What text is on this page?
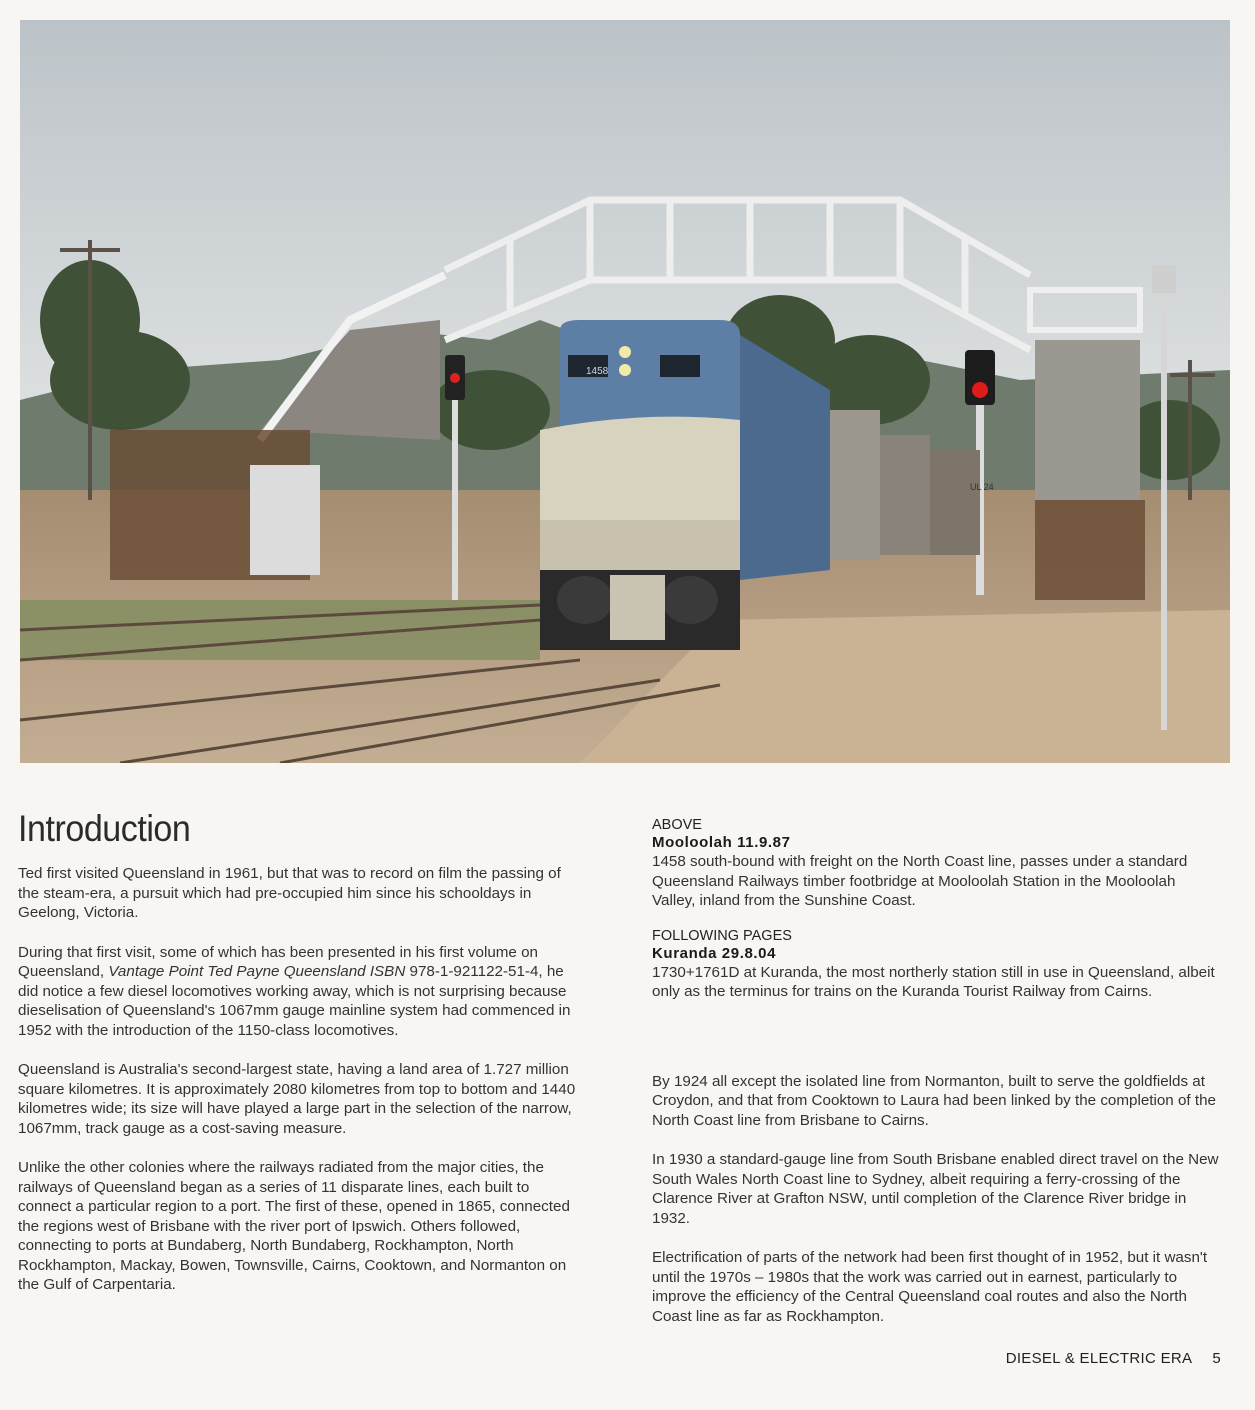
1458
UL 24
Introduction

Ted first visited Queensland in 1961, but that was to record on film the passing of the steam-era, a pursuit which had pre-occupied him since his schooldays in Geelong, Victoria.

During that first visit, some of which has been presented in his first volume on Queensland, Vantage Point Ted Payne Queensland ISBN 978-1-921122-51-4, he did notice a few diesel locomotives working away, which is not surprising because dieselisation of Queensland's 1067mm gauge mainline system had commenced in 1952 with the introduction of the 1150-class locomotives.

Queensland is Australia's second-largest state, having a land area of 1.727 million square kilometres. It is approximately 2080 kilometres from top to bottom and 1440 kilometres wide; its size will have played a large part in the selection of the narrow, 1067mm, track gauge as a cost-saving measure.

Unlike the other colonies where the railways radiated from the major cities, the railways of Queensland began as a series of 11 disparate lines, each built to connect a particular region to a port. The first of these, opened in 1865, connected the regions west of Brisbane with the river port of Ipswich. Others followed, connecting to ports at Bundaberg, North Bundaberg, Rockhampton, North Rockhampton, Mackay, Bowen, Townsville, Cairns, Cooktown, and Normanton on the Gulf of Carpentaria.

ABOVE
Mooloolah 11.9.87

1458 south-bound with freight on the North Coast line, passes under a standard Queensland Railways timber footbridge at Mooloolah Station in the Mooloolah Valley, inland from the Sunshine Coast.

FOLLOWING PAGES
Kuranda 29.8.04

1730+1761D at Kuranda, the most northerly station still in use in Queensland, albeit only as the terminus for trains on the Kuranda Tourist Railway from Cairns.

By 1924 all except the isolated line from Normanton, built to serve the goldfields at Croydon, and that from Cooktown to Laura had been linked by the completion of the North Coast line from Brisbane to Cairns.

In 1930 a standard-gauge line from South Brisbane enabled direct travel on the New South Wales North Coast line to Sydney, albeit requiring a ferry-crossing of the Clarence River at Grafton NSW, until completion of the Clarence River bridge in 1932.

Electrification of parts of the network had been first thought of in 1952, but it wasn't until the 1970s – 1980s that the work was carried out in earnest, particularly to improve the efficiency of the Central Queensland coal routes and also the North Coast line as far as Rockhampton.

DIESEL & ELECTRIC ERA 5
